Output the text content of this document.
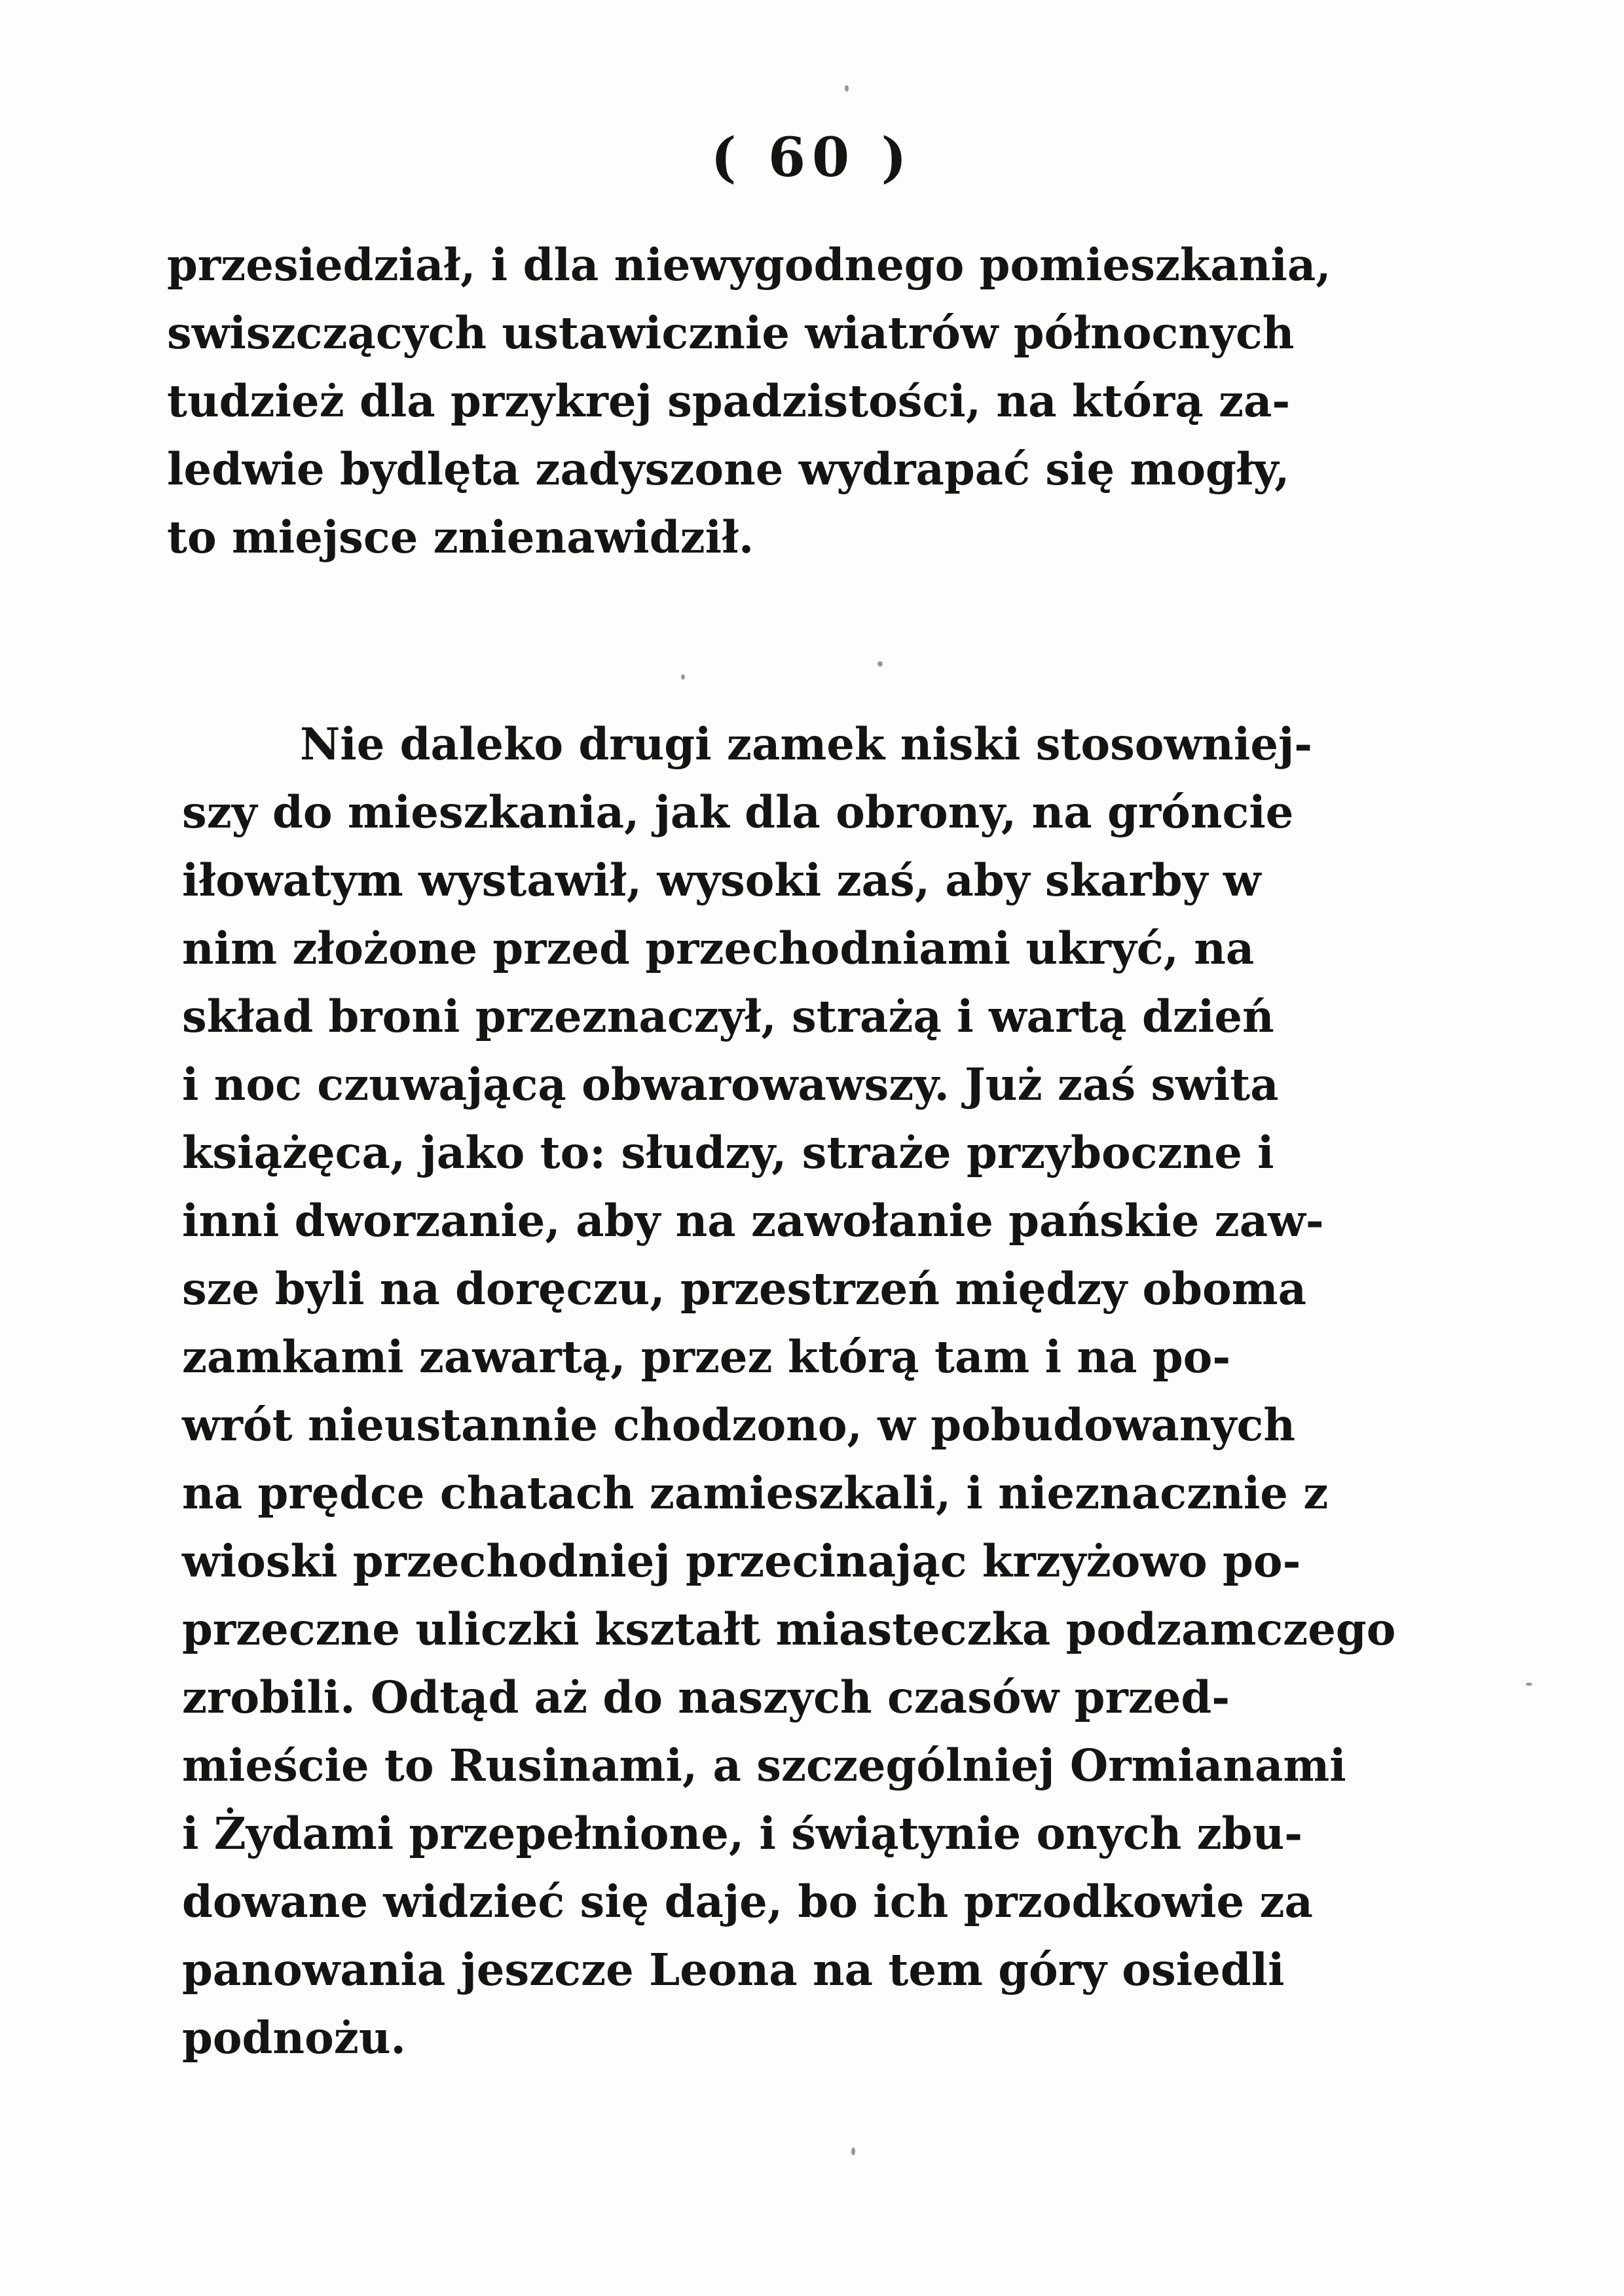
( 60 )
przesiedział, i dla niewygodnego pomieszkania,
swiszczących ustawicznie wiatrów północnych
tudzież dla przykrej spadzistości, na którą za-
ledwie bydlęta zadyszone wydrapać się mogły,
to miejsce znienawidził.
Nie daleko drugi zamek niski stosowniej-
szy do mieszkania, jak dla obrony, na gróncie
iłowatym wystawił, wysoki zaś, aby skarby w
nim złożone przed przechodniami ukryć, na
skład broni przeznaczył, strażą i wartą dzień
i noc czuwającą obwarowawszy. Już zaś swita
książęca, jako to: słudzy, straże przyboczne i
inni dworzanie, aby na zawołanie pańskie zaw-
sze byli na doręczu, przestrzeń między oboma
zamkami zawartą, przez którą tam i na po-
wrót nieustannie chodzono, w pobudowanych
na prędce chatach zamieszkali, i nieznacznie z
wioski przechodniej przecinając krzyżowo po-
przeczne uliczki kształt miasteczka podzamczego
zrobili. Odtąd aż do naszych czasów przed-
mieście to Rusinami, a szczególniej Ormianami
i Żydami przepełnione, i świątynie onych zbu-
dowane widzieć się daje, bo ich przodkowie za
panowania jeszcze Leona na tem góry osiedli
podnożu.
